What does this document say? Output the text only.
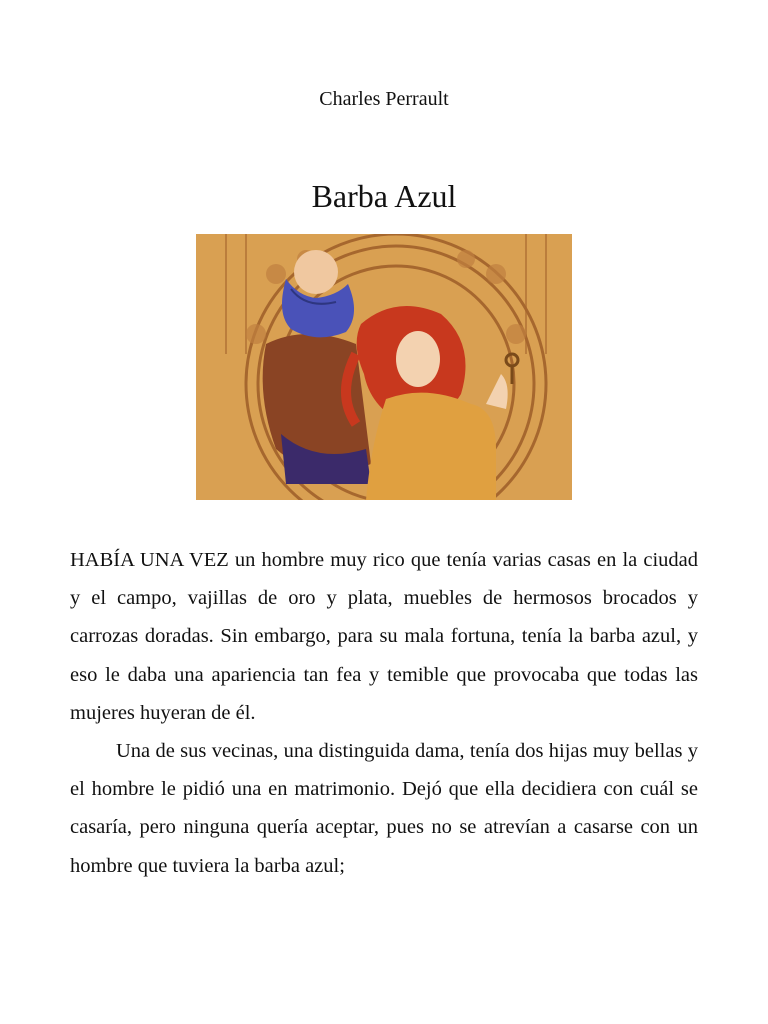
Charles Perrault
Barba Azul

HABÍA UNA VEZ un hombre muy rico que tenía varias casas en la ciudad y el campo, vajillas de oro y plata, muebles de hermosos brocados y carrozas doradas. Sin embargo, para su mala fortuna, tenía la barba azul, y eso le daba una apariencia tan fea y temible que provocaba que todas las mujeres huyeran de él.

Una de sus vecinas, una distinguida dama, tenía dos hijas muy bellas y el hombre le pidió una en matrimonio. Dejó que ella decidiera con cuál se casaría, pero ninguna quería aceptar, pues no se atrevían a casarse con un hombre que tuviera la barba azul;
